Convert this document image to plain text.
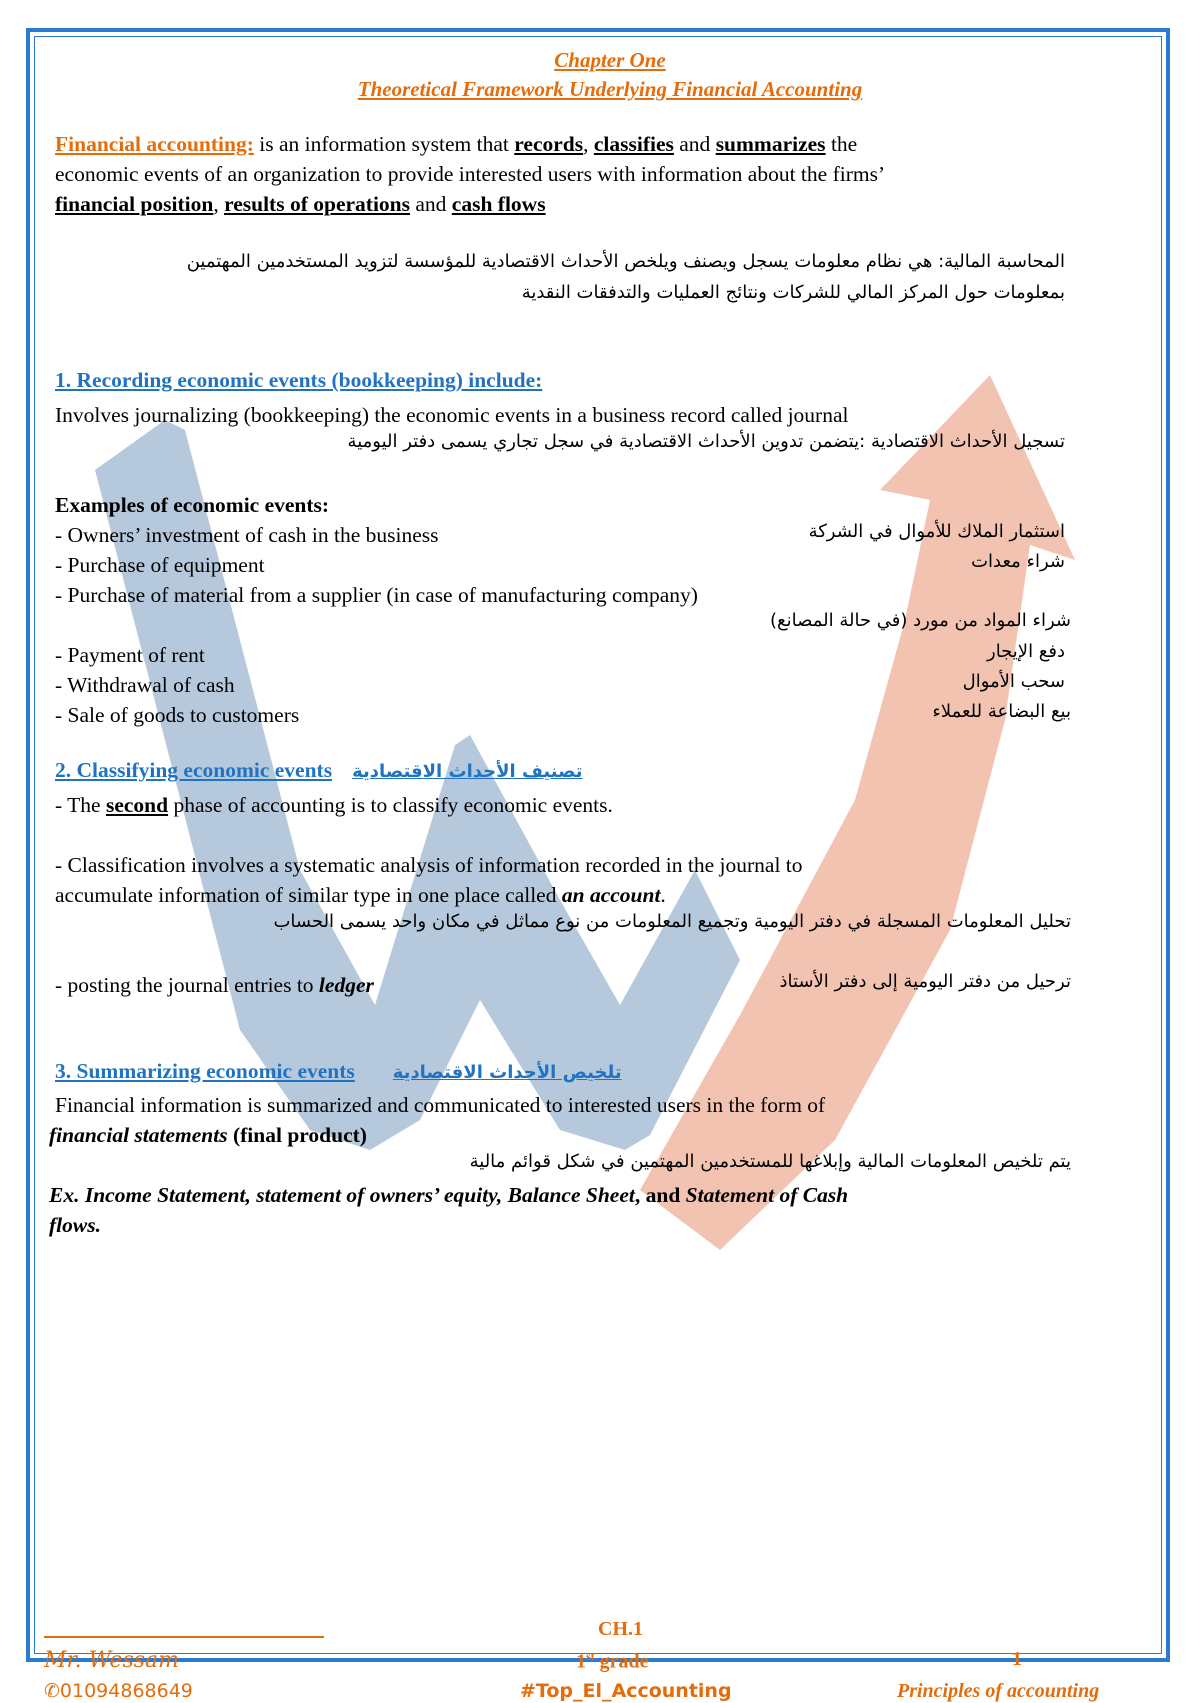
Chapter One
Theoretical Framework Underlying Financial Accounting
Financial accounting: is an information system that records, classifies and summarizes the
economic events of an organization to provide interested users with information about the firms’
financial position, results of operations and cash flows
المحاسبة المالية: هي نظام معلومات يسجل ويصنف ويلخص الأحداث الاقتصادية للمؤسسة لتزويد المستخدمين المهتمين
بمعلومات حول المركز المالي للشركات ونتائج العمليات والتدفقات النقدية
1. Recording economic events (bookkeeping) include:
Involves journalizing (bookkeeping) the economic events in a business record called journal
تسجيل الأحداث الاقتصادية :يتضمن تدوين الأحداث الاقتصادية في سجل تجاري يسمى دفتر اليومية
Examples of economic events:
- Owners’ investment of cash in the business	استثمار الملاك للأموال في الشركة
- Purchase of equipment	شراء معدات
- Purchase of material from a supplier (in case of manufacturing company)
شراء المواد من مورد (في حالة المصانع)
- Payment of rent	دفع الإيجار
- Withdrawal of cash	سحب الأموال
- Sale of goods to customers	بيع البضاعة للعملاء
2. Classifying economic events تصنيف الأحداث الاقتصادية
- The second phase of accounting is to classify economic events.
- Classification involves a systematic analysis of information recorded in the journal to
accumulate information of similar type in one place called an account.
تحليل المعلومات المسجلة في دفتر اليومية وتجميع المعلومات من نوع مماثل في مكان واحد يسمى الحساب
- posting the journal entries to ledger	ترحيل من دفتر اليومية إلى دفتر الأستاذ
3. Summarizing economic events تلخيص الأحداث الاقتصادية
Financial information is summarized and communicated to interested users in the form of
financial statements (final product)
يتم تلخيص المعلومات المالية وإبلاغها للمستخدمين المهتمين في شكل قوائم مالية
Ex. Income Statement, statement of owners’ equity, Balance Sheet, and Statement of Cash
flows.
Mr. Wessam
✆01094868649
CH.1
1st grade
#Top_El_Accounting
1
Principles of accounting
